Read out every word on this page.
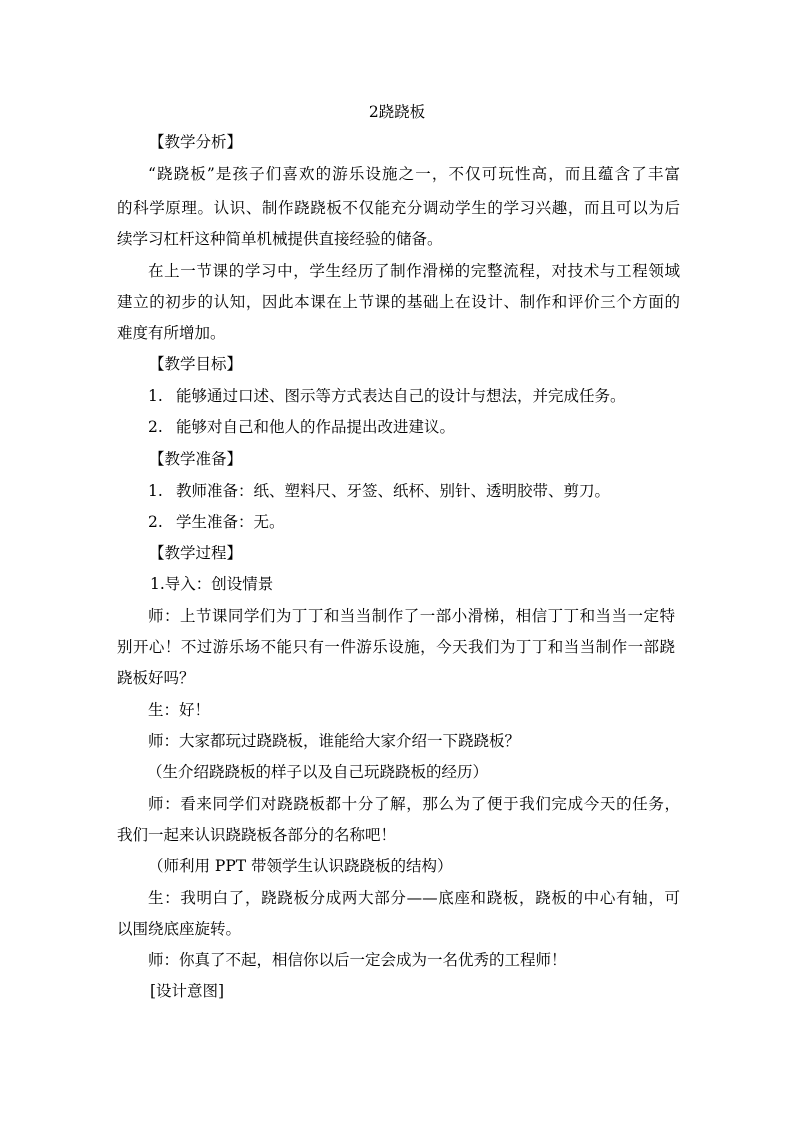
2跷跷板
【教学分析】
“跷跷板”是孩子们喜欢的游乐设施之一，不仅可玩性高，而且蕴含了丰富
的科学原理。认识、制作跷跷板不仅能充分调动学生的学习兴趣，而且可以为后
续学习杠杆这种简单机械提供直接经验的储备。
在上一节课的学习中，学生经历了制作滑梯的完整流程，对技术与工程领域
建立的初步的认知，因此本课在上节课的基础上在设计、制作和评价三个方面的
难度有所增加。
【教学目标】
1. 能够通过口述、图示等方式表达自己的设计与想法，并完成任务。
2. 能够对自己和他人的作品提出改进建议。
【教学准备】
1. 教师准备：纸、塑料尺、牙签、纸杯、别针、透明胶带、剪刀。
2. 学生准备：无。
【教学过程】
1.导入：创设情景
师：上节课同学们为丁丁和当当制作了一部小滑梯，相信丁丁和当当一定特
别开心！不过游乐场不能只有一件游乐设施，今天我们为丁丁和当当制作一部跷
跷板好吗？
生：好！
师：大家都玩过跷跷板，谁能给大家介绍一下跷跷板？
（生介绍跷跷板的样子以及自己玩跷跷板的经历）
师：看来同学们对跷跷板都十分了解，那么为了便于我们完成今天的任务，
我们一起来认识跷跷板各部分的名称吧！
（师利用 PPT 带领学生认识跷跷板的结构）
生：我明白了，跷跷板分成两大部分——底座和跷板，跷板的中心有轴，可
以围绕底座旋转。
师：你真了不起，相信你以后一定会成为一名优秀的工程师！
[设计意图]
